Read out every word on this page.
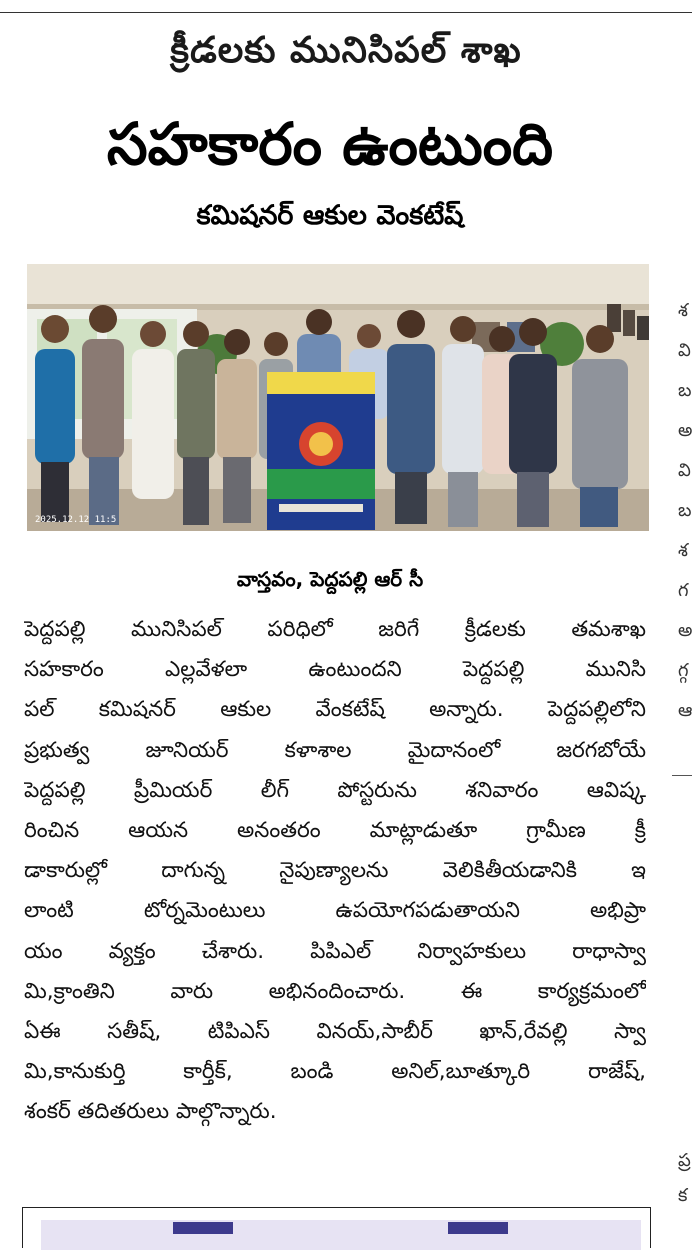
క్రీడలకు మునిసిపల్ శాఖ
సహకారం ఉంటుంది
కమిషనర్ ఆకుల వెంకటేష్
2025.12.12 11:5
వాస్తవం, పెద్దపల్లి ఆర్ సీ
పెద్దపల్లి మునిసిపల్ పరిధిలో జరిగే క్రీడలకు తమశాఖ
సహకారం ఎల్లవేళలా ఉంటుందని పెద్దపల్లి మునిసి
పల్ కమిషనర్ ఆకుల వేంకటేష్ అన్నారు. పెద్దపల్లిలోని
ప్రభుత్వ జూనియర్ కళాశాల మైదానంలో జరగబోయే
పెద్దపల్లి ప్రీమియర్ లీగ్ పోస్టరును శనివారం ఆవిష్క
రించిన ఆయన అనంతరం మాట్లాడుతూ గ్రామీణ క్రీ
డాకారుల్లో దాగున్న నైపుణ్యాలను వెలికితీయడానికి ఇ
లాంటి టోర్నమెంటులు ఉపయోగపడుతాయని అభిప్రా
యం వ్యక్తం చేశారు. పిపిఎల్ నిర్వాహకులు రాధాస్వా
మి,క్రాంతిని వారు అభినందించారు. ఈ కార్యక్రమంలో
ఏఈ సతీష్, టిపిఎస్ వినయ్,సాబీర్ ఖాన్,రేవల్లి స్వా
మి,కానుకుర్తి కార్తీక్, బండి అనిల్,బూత్కూరి రాజేష్,
శంకర్ తదితరులు పాల్గొన్నారు.
శ
వి
బ
అ
వి
బ
శ
గ
అ
గ్గ
ఆ
ప్ర
క
